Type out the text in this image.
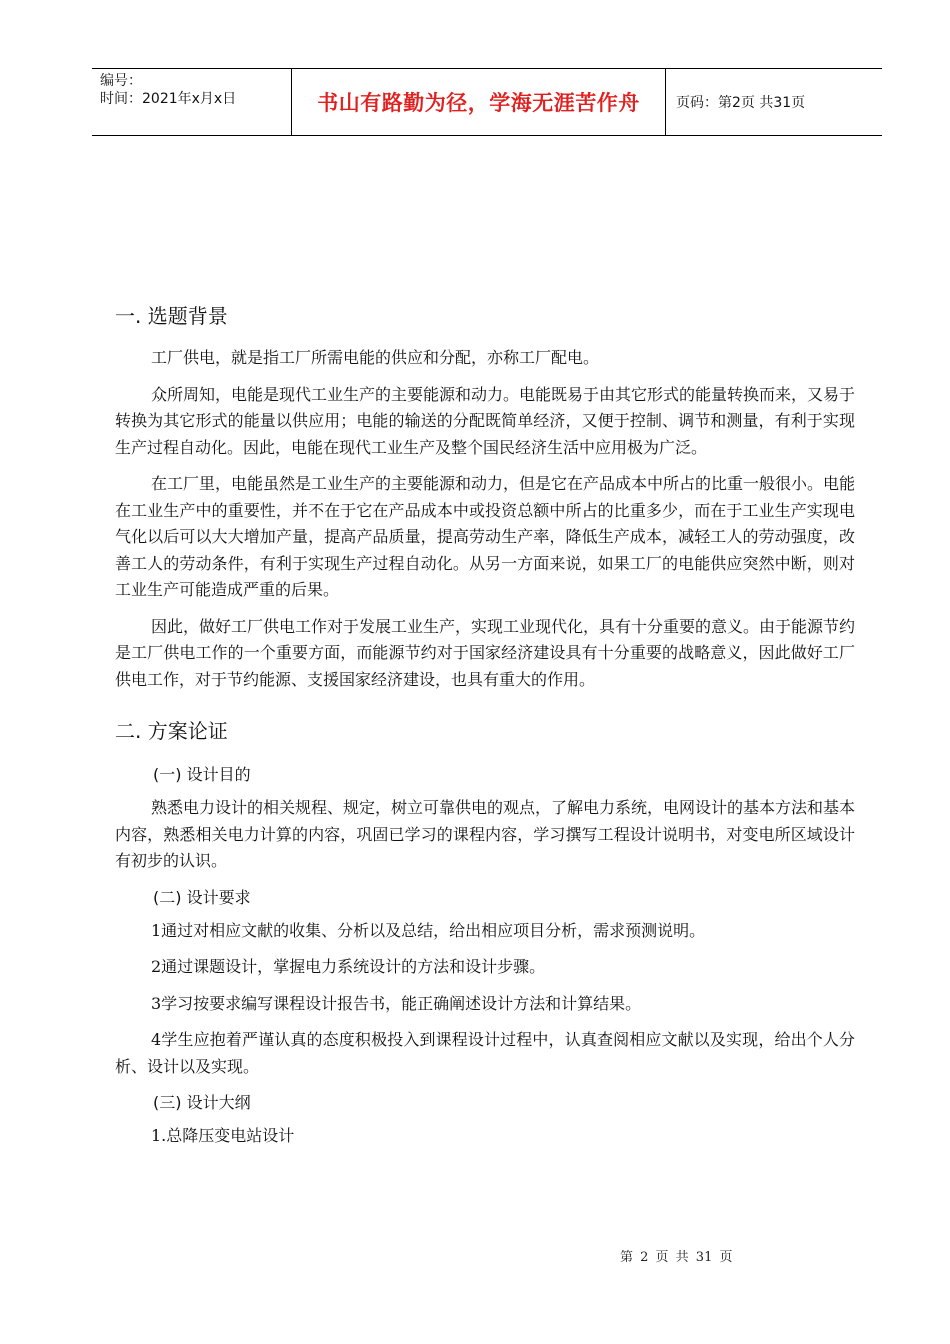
编号：
时间：2021年x月x日	书山有路勤为径，学海无涯苦作舟	页码：第2页 共31页
一. 选题背景

工厂供电，就是指工厂所需电能的供应和分配，亦称工厂配电。

众所周知，电能是现代工业生产的主要能源和动力。电能既易于由其它形式的能量转换而来，又易于转换为其它形式的能量以供应用；电能的输送的分配既简单经济，又便于控制、调节和测量，有利于实现生产过程自动化。因此，电能在现代工业生产及整个国民经济生活中应用极为广泛。

在工厂里，电能虽然是工业生产的主要能源和动力，但是它在产品成本中所占的比重一般很小。电能在工业生产中的重要性，并不在于它在产品成本中或投资总额中所占的比重多少，而在于工业生产实现电气化以后可以大大增加产量，提高产品质量，提高劳动生产率，降低生产成本，减轻工人的劳动强度，改善工人的劳动条件，有利于实现生产过程自动化。从另一方面来说，如果工厂的电能供应突然中断，则对工业生产可能造成严重的后果。

因此，做好工厂供电工作对于发展工业生产，实现工业现代化，具有十分重要的意义。由于能源节约是工厂供电工作的一个重要方面，而能源节约对于国家经济建设具有十分重要的战略意义，因此做好工厂供电工作，对于节约能源、支援国家经济建设，也具有重大的作用。

二. 方案论证
(一) 设计目的

熟悉电力设计的相关规程、规定，树立可靠供电的观点，了解电力系统，电网设计的基本方法和基本内容，熟悉相关电力计算的内容，巩固已学习的课程内容，学习撰写工程设计说明书，对变电所区域设计有初步的认识。

(二) 设计要求

1通过对相应文献的收集、分析以及总结，给出相应项目分析，需求预测说明。

2通过课题设计，掌握电力系统设计的方法和设计步骤。

3学习按要求编写课程设计报告书，能正确阐述设计方法和计算结果。

4学生应抱着严谨认真的态度积极投入到课程设计过程中，认真查阅相应文献以及实现，给出个人分析、设计以及实现。

(三) 设计大纲

1.总降压变电站设计

第 2 页 共 31 页
